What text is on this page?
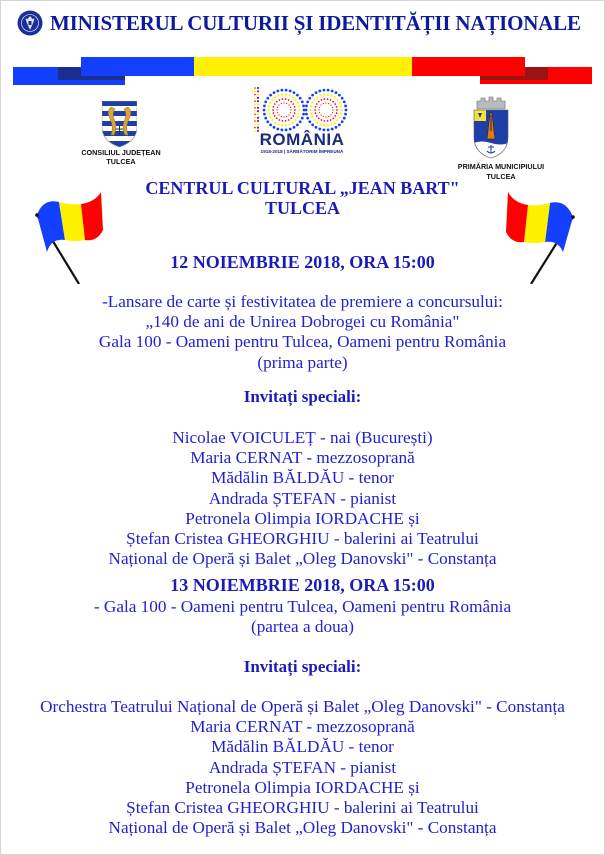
MINISTERUL CULTURII ȘI IDENTITĂȚII NAȚIONALE
CONSILIUL JUDEȚEAN
TULCEA
ROMÂNIA
1918-2018 | SĂRBĂTORIM ÎMPREUNĂ
PRIMĂRIA MUNICIPIULUI
TULCEA
CENTRUL CULTURAL „JEAN BART"
TULCEA
12 NOIEMBRIE 2018, ORA 15:00
-Lansare de carte și festivitatea de premiere a concursului:
„140 de ani de Unirea Dobrogei cu România"
Gala 100 - Oameni pentru Tulcea, Oameni pentru România
(prima parte)
Invitați speciali:
Nicolae VOICULEȚ - nai (București)
Maria CERNAT - mezzosoprană
Mădălin BĂLDĂU - tenor
Andrada ȘTEFAN - pianist
Petronela Olimpia IORDACHE și
Ștefan Cristea GHEORGHIU - balerini ai Teatrului
Național de Operă și Balet „Oleg Danovski" - Constanța
13 NOIEMBRIE 2018, ORA 15:00
- Gala 100 - Oameni pentru Tulcea, Oameni pentru România
(partea a doua)
Invitați speciali:
Orchestra Teatrului Național de Operă și Balet „Oleg Danovski" - Constanța
Maria CERNAT - mezzosoprană
Mădălin BĂLDĂU - tenor
Andrada ȘTEFAN - pianist
Petronela Olimpia IORDACHE și
Ștefan Cristea GHEORGHIU - balerini ai Teatrului
Național de Operă și Balet „Oleg Danovski" - Constanța
